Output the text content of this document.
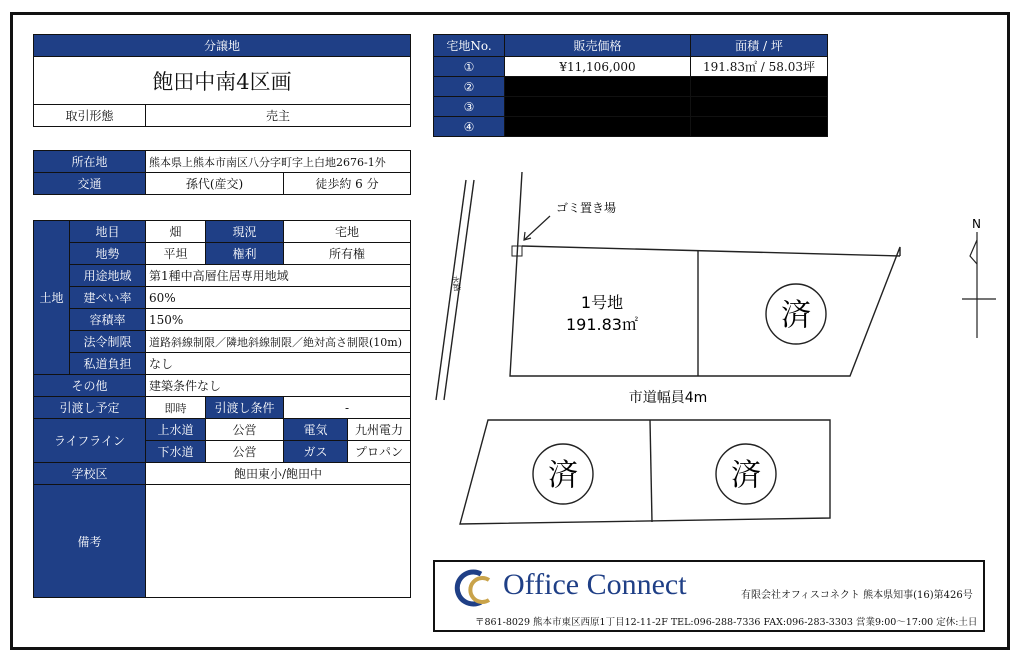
分譲地
飽田中南4区画
取引形態	売主
所在地	熊本県上熊本市南区八分字町字上白地2676-1外	
交通	孫代(産交)	徒歩約 6 分
土地	地目	畑	現況	宅地	
	地勢	平坦	権利	所有権	
	用途地域	第1種中高層住居専用地域			
	建ぺい率	60%			
	容積率	150%			
	法令制限	道路斜線制限／隣地斜線制限／絶対高さ制限(10m)			
	私道負担	なし			
その他		建築条件なし			
引渡し予定		即時	引渡し条件	-	
ライフライン		上水道	公営	電気	九州電力
		下水道	公営	ガス	プロパン
学校区		飽田東小/飽田中			
備考					
宅地No.	販売価格	面積 / 坪
①	¥11,106,000	191.83㎡ / 58.03坪
②		
③		
④		
水路
ゴミ置き場
1号地
191.83㎡	済
市道幅員4m
済	済
N
Office Connect	有限会社オフィスコネクト 熊本県知事(16)第426号
〒861-8029 熊本市東区西原1丁目12-11-2F TEL:096-288-7336 FAX:096-283-3303 営業9:00～17:00 定休:土日
